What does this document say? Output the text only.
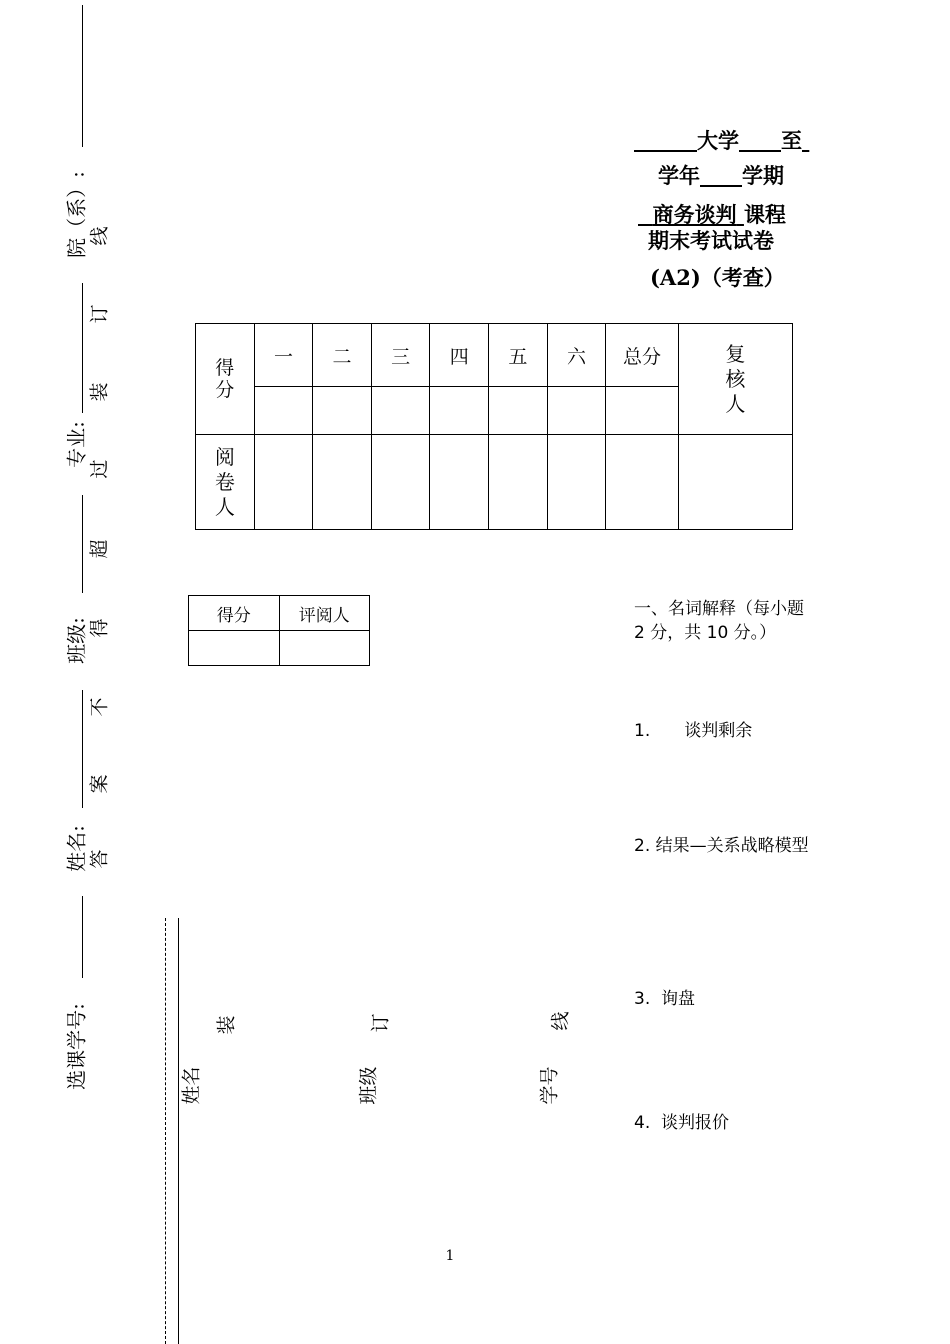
院（系）:
专业:
班级:
姓名:
选课学号:
线
订
装
过
超
得
不
案
答
　　　大学　　 至
学年　　 学期
商务谈判 课程
期末考试试卷
(A2)（考查）
得分	一	二	三	四	五	六	总分	复核人

阅卷人								

得分	评阅人
		一、名词解释（每小题 2 分，共 10 分。）
1.　　谈判剩余
2. 结果—关系战略模型
3.  询盘
4.  谈判报价
装	订	线
姓名	班级	学号
1
